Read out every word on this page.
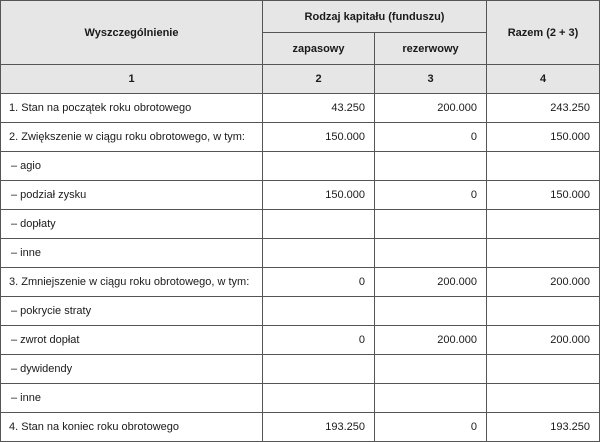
Wyszczególnienie	Rodzaj kapitału (funduszu)		Razem (2 + 3)
	zapasowy	rezerwowy	
1	2	3	4
1. Stan na początek roku obrotowego	43.250	200.000	243.250
2. Zwiększenie w ciągu roku obrotowego, w tym:	150.000	0	150.000
– agio			
– podział zysku	150.000	0	150.000
– dopłaty			
– inne			
3. Zmniejszenie w ciągu roku obrotowego, w tym:	0	200.000	200.000
– pokrycie straty			
– zwrot dopłat	0	200.000	200.000
– dywidendy			
– inne			
4. Stan na koniec roku obrotowego	193.250	0	193.250
